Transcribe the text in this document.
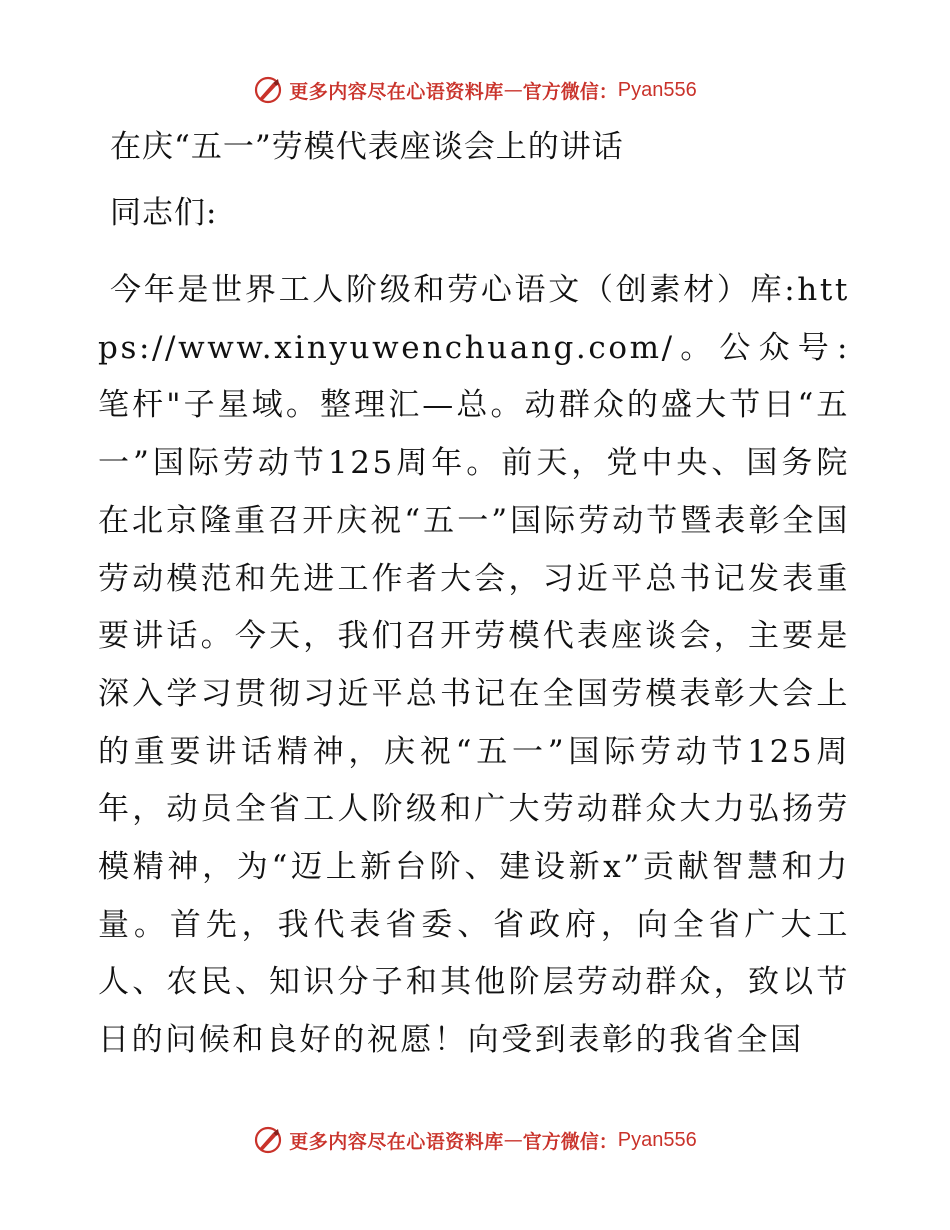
更多内容尽在心语资料库 — 官方微信： Pyan556
在庆“五一”劳模代表座谈会上的讲话

同志们:

今年是世界工人阶级和劳心语文（创素材）库:https://www.xinyuwenchuang.com/。公众号: 笔杆"子星域。整理汇—总。动群众的盛大节日“五一”国际劳动节125周年。前天，党中央、国务院在北京隆重召开庆祝“五一”国际劳动节暨表彰全国劳动模范和先进工作者大会，习近平总书记发表重要讲话。今天，我们召开劳模代表座谈会，主要是深入学习贯彻习近平总书记在全国劳模表彰大会上的重要讲话精神，庆祝“五一”国际劳动节125周年，动员全省工人阶级和广大劳动群众大力弘扬劳模精神，为“迈上新台阶、建设新x”贡献智慧和力量。首先，我代表省委、省政府，向全省广大工人、农民、知识分子和其他阶层劳动群众，致以节日的问候和良好的祝愿！向受到表彰的我省全国

更多内容尽在心语资料库 — 官方微信： Pyan556
